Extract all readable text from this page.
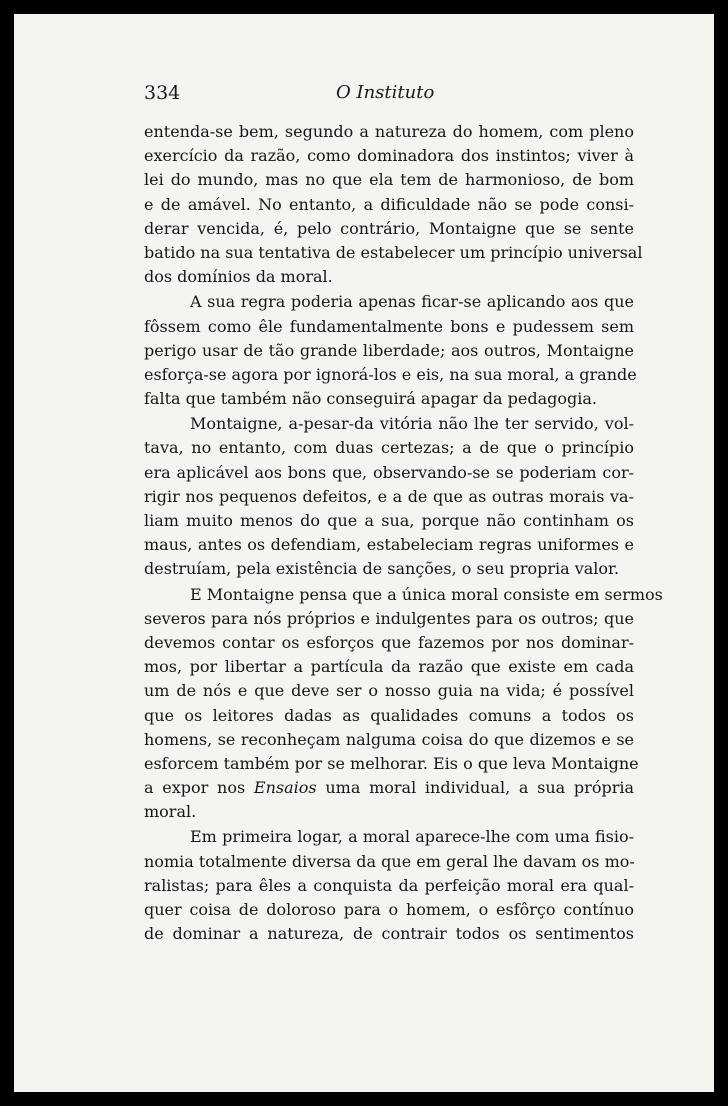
334	O Instituto

entenda-se bem, segundo a natureza do homem, com pleno
exercício da razão, como dominadora dos instintos; viver à
lei do mundo, mas no que ela tem de harmonioso, de bom
e de amável. No entanto, a dificuldade não se pode consi-
derar vencida, é, pelo contrário, Montaigne que se sente
batido na sua tentativa de estabelecer um princípio universal
dos domínios da moral.

A sua regra poderia apenas ficar-se aplicando aos que
fôssem como êle fundamentalmente bons e pudessem sem
perigo usar de tão grande liberdade; aos outros, Montaigne
esforça-se agora por ignorá-los e eis, na sua moral, a grande
falta que também não conseguirá apagar da pedagogia.

Montaigne, a-pesar-da vitória não lhe ter servido, vol-
tava, no entanto, com duas certezas; a de que o princípio
era aplicável aos bons que, observando-se se poderiam cor-
rigir nos pequenos defeitos, e a de que as outras morais va-
liam muito menos do que a sua, porque não continham os
maus, antes os defendiam, estabeleciam regras uniformes e
destruíam, pela existência de sanções, o seu propria valor.

E Montaigne pensa que a única moral consiste em sermos
severos para nós próprios e indulgentes para os outros; que
devemos contar os esforços que fazemos por nos dominar-
mos, por libertar a partícula da razão que existe em cada
um de nós e que deve ser o nosso guia na vida; é possível
que os leitores dadas as qualidades comuns a todos os
homens, se reconheçam nalguma coisa do que dizemos e se
esforcem também por se melhorar. Eis o que leva Montaigne
a expor nos Ensaios uma moral individual, a sua própria
moral.

Em primeira logar, a moral aparece-lhe com uma fisio-
nomia totalmente diversa da que em geral lhe davam os mo-
ralistas; para êles a conquista da perfeição moral era qual-
quer coisa de doloroso para o homem, o esfôrço contínuo
de dominar a natureza, de contrair todos os sentimentos
